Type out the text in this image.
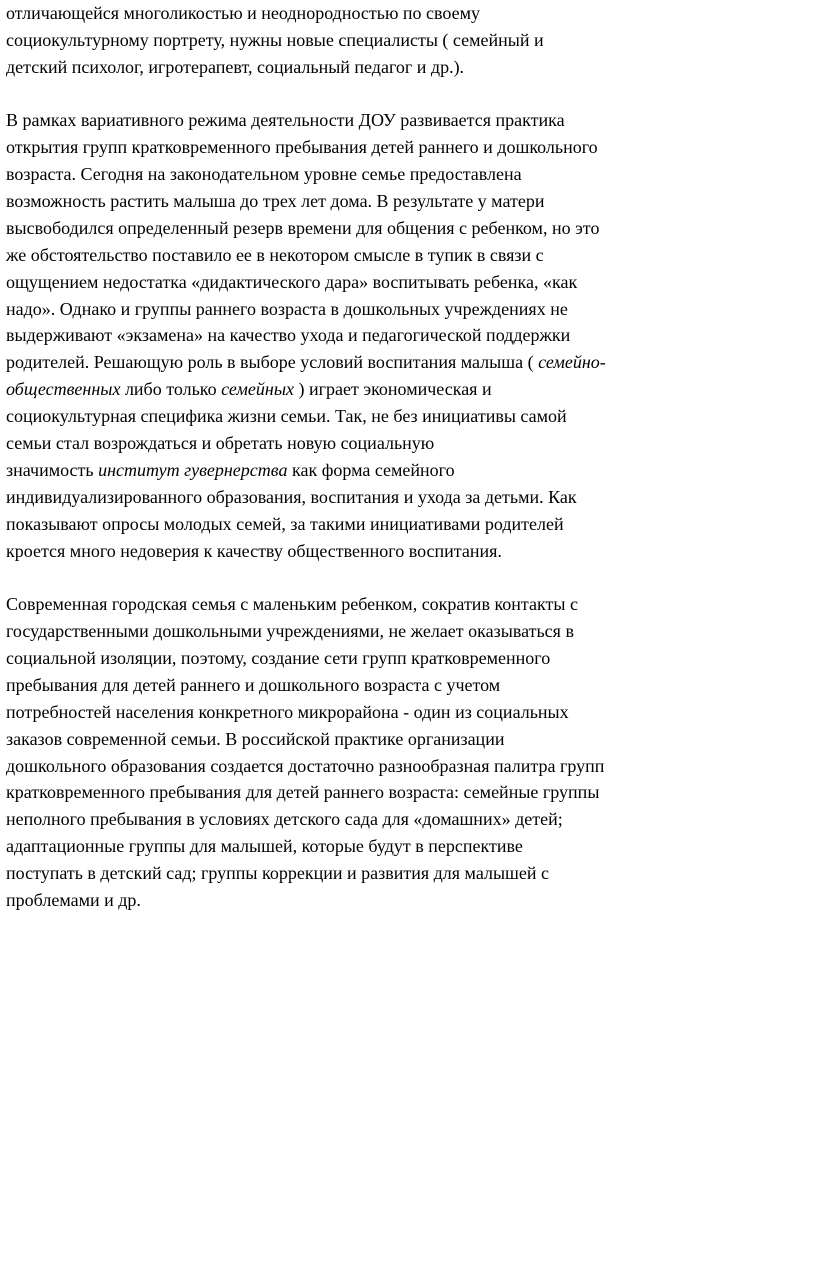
отличающейся многоликостью и неоднородностью по своему
социокультурному портрету, нужны новые специалисты ( семейный и
детский психолог, игротерапевт, социальный педагог и др.).
В рамках вариативного режима деятельности ДОУ развивается практика
открытия групп кратковременного пребывания детей раннего и дошкольного
возраста. Сегодня на законодательном уровне семье предоставлена
возможность растить малыша до трех лет дома. В результате у матери
высвободился определенный резерв времени для общения с ребенком, но это
же обстоятельство поставило ее в некотором смысле в тупик в связи с
ощущением недостатка «дидактического дара» воспитывать ребенка, «как
надо». Однако и группы раннего возраста в дошкольных учреждениях не
выдерживают «экзамена» на качество ухода и педагогической поддержки
родителей. Решающую роль в выборе условий воспитания малыша ( семейно-
общественных либо только семейных ) играет экономическая и
социокультурная специфика жизни семьи. Так, не без инициативы самой
семьи стал возрождаться и обретать новую социальную
значимость институт гувернерства как форма семейного
индивидуализированного образования, воспитания и ухода за детьми. Как
показывают опросы молодых семей, за такими инициативами родителей
кроется много недоверия к качеству общественного воспитания.
Современная городская семья с маленьким ребенком, сократив контакты с
государственными дошкольными учреждениями, не желает оказываться в
социальной изоляции, поэтому, создание сети групп кратковременного
пребывания для детей раннего и дошкольного возраста с учетом
потребностей населения конкретного микрорайона - один из социальных
заказов современной семьи. В российской практике организации
дошкольного образования создается достаточно разнообразная палитра групп
кратковременного пребывания для детей раннего возраста: семейные группы
неполного пребывания в условиях детского сада для «домашних» детей;
адаптационные группы для малышей, которые будут в перспективе
поступать в детский сад; группы коррекции и развития для малышей с
проблемами и др.
